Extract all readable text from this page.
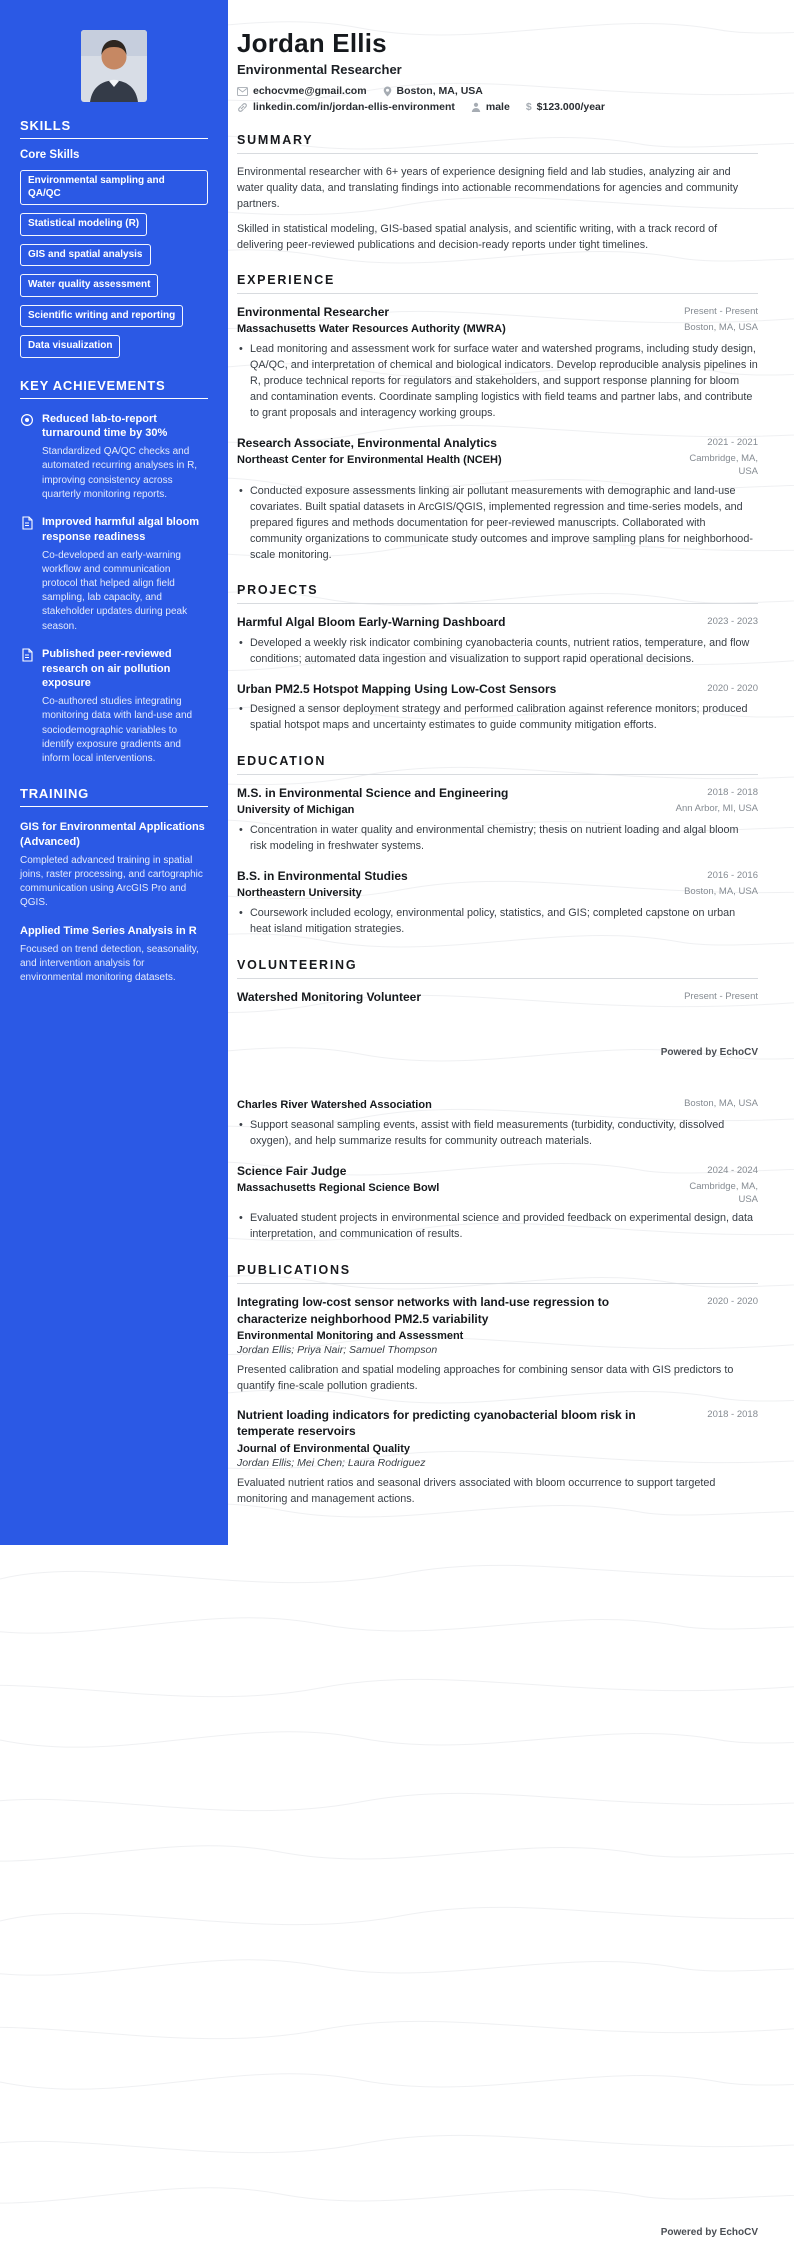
SKILLS
Core Skills
Environmental sampling and QA/QC
Statistical modeling (R)
GIS and spatial analysis
Water quality assessment
Scientific writing and reporting
Data visualization
KEY ACHIEVEMENTS
Reduced lab-to-report turnaround time by 30%
Standardized QA/QC checks and automated recurring analyses in R, improving consistency across quarterly monitoring reports.
Improved harmful algal bloom response readiness
Co-developed an early-warning workflow and communication protocol that helped align field sampling, lab capacity, and stakeholder updates during peak season.
Published peer-reviewed research on air pollution exposure
Co-authored studies integrating monitoring data with land-use and sociodemographic variables to identify exposure gradients and inform local interventions.
TRAINING
GIS for Environmental Applications (Advanced)
Completed advanced training in spatial joins, raster processing, and cartographic communication using ArcGIS Pro and QGIS.
Applied Time Series Analysis in R
Focused on trend detection, seasonality, and intervention analysis for environmental monitoring datasets.
Jordan Ellis
Environmental Researcher
echocvme@gmail.com	Boston, MA, USA
linkedin.com/in/jordan-ellis-environment	male $	$123.000/year
SUMMARY

Environmental researcher with 6+ years of experience designing field and lab studies, analyzing air and water quality data, and translating findings into actionable recommendations for agencies and community partners.

Skilled in statistical modeling, GIS-based spatial analysis, and scientific writing, with a track record of delivering peer-reviewed publications and decision-ready reports under tight timelines.

EXPERIENCE
Environmental Researcher	Present - Present
Massachusetts Water Resources Authority (MWRA)	Boston, MA, USA
• Lead monitoring and assessment work for surface water and watershed programs, including study design, QA/QC, and interpretation of chemical and biological indicators. Develop reproducible analysis pipelines in R, produce technical reports for regulators and stakeholders, and support response planning for bloom and contamination events. Coordinate sampling logistics with field teams and partner labs, and contribute to grant proposals and interagency working groups.
Research Associate, Environmental Analytics	2021 - 2021
Northeast Center for Environmental Health (NCEH)	Cambridge, MA, USA
• Conducted exposure assessments linking air pollutant measurements with demographic and land-use covariates. Built spatial datasets in ArcGIS/QGIS, implemented regression and time-series models, and prepared figures and methods documentation for peer-reviewed manuscripts. Collaborated with community organizations to communicate study outcomes and improve sampling plans for neighborhood-scale monitoring.
PROJECTS
Harmful Algal Bloom Early-Warning Dashboard	2023 - 2023
• Developed a weekly risk indicator combining cyanobacteria counts, nutrient ratios, temperature, and flow conditions; automated data ingestion and visualization to support rapid operational decisions.
Urban PM2.5 Hotspot Mapping Using Low-Cost Sensors	2020 - 2020
• Designed a sensor deployment strategy and performed calibration against reference monitors; produced spatial hotspot maps and uncertainty estimates to guide community mitigation efforts.
EDUCATION
M.S. in Environmental Science and Engineering	2018 - 2018
University of Michigan	Ann Arbor, MI, USA
• Concentration in water quality and environmental chemistry; thesis on nutrient loading and algal bloom risk modeling in freshwater systems.
B.S. in Environmental Studies	2016 - 2016
Northeastern University	Boston, MA, USA
• Coursework included ecology, environmental policy, statistics, and GIS; completed capstone on urban heat island mitigation strategies.
VOLUNTEERING
Watershed Monitoring Volunteer	Present - Present
Powered by EchoCV
Charles River Watershed Association	Boston, MA, USA
• Support seasonal sampling events, assist with field measurements (turbidity, conductivity, dissolved oxygen), and help summarize results for community outreach materials.
Science Fair Judge	2024 - 2024
Massachusetts Regional Science Bowl	Cambridge, MA, USA
• Evaluated student projects in environmental science and provided feedback on experimental design, data interpretation, and communication of results.
PUBLICATIONS
Integrating low-cost sensor networks with land-use regression to characterize neighborhood PM2.5 variability
2020 - 2020
Environmental Monitoring and Assessment
Jordan Ellis; Priya Nair; Samuel Thompson
Presented calibration and spatial modeling approaches for combining sensor data with GIS predictors to quantify fine-scale pollution gradients.
Nutrient loading indicators for predicting cyanobacterial bloom risk in temperate reservoirs
2018 - 2018
Journal of Environmental Quality
Jordan Ellis; Mei Chen; Laura Rodriguez
Evaluated nutrient ratios and seasonal drivers associated with bloom occurrence to support targeted monitoring and management actions.
Powered by EchoCV
